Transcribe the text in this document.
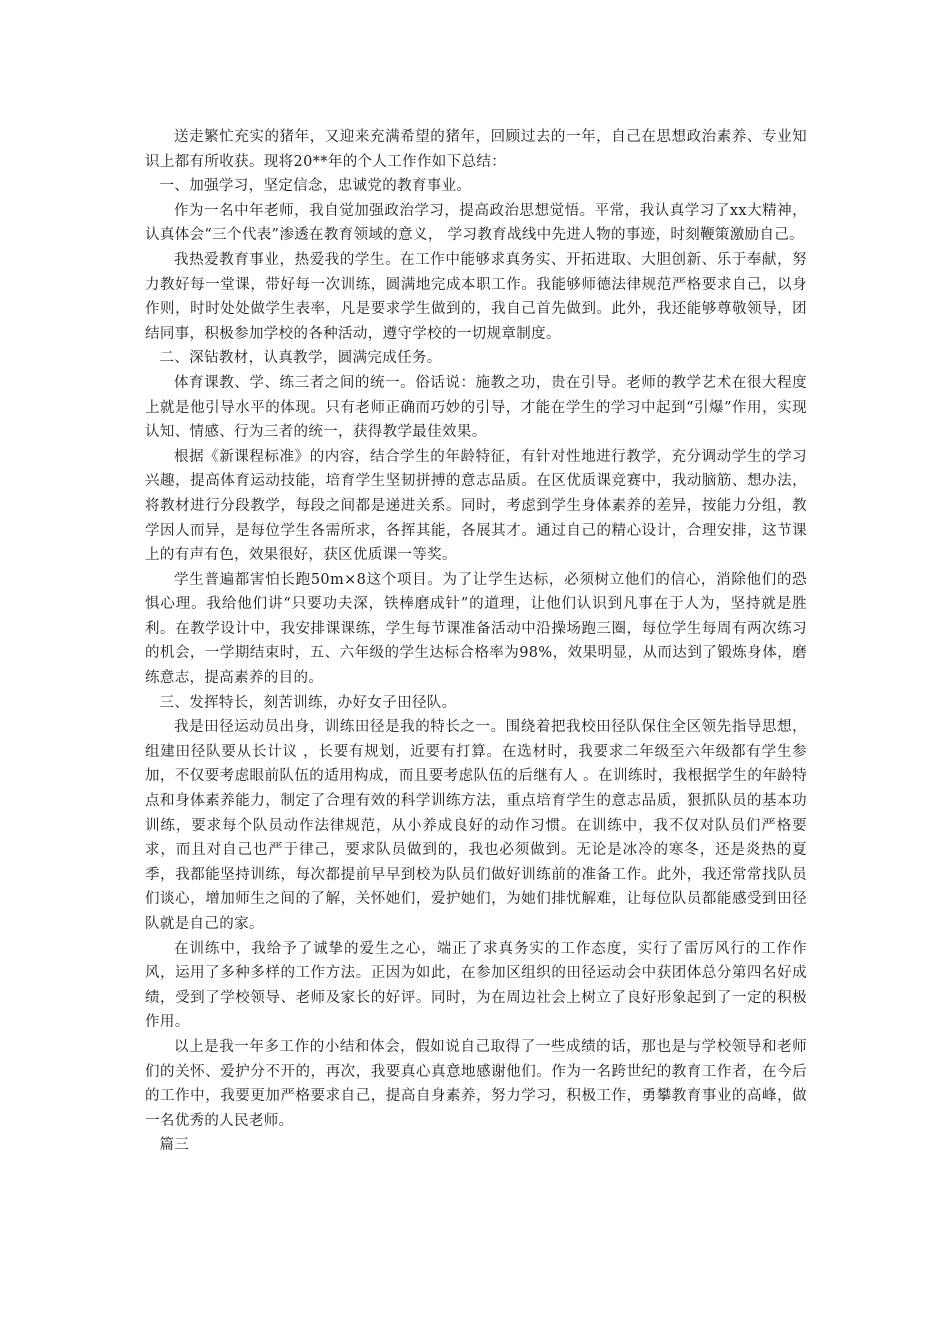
送走繁忙充实的猪年，又迎来充满希望的猪年，回顾过去的一年，自己在思想政治素养、专业知识上都有所收获。现将20**年的个人工作作如下总结：

一、加强学习，坚定信念，忠诚党的教育事业。

作为一名中年老师，我自觉加强政治学习，提高政治思想觉悟。平常，我认真学习了xx大精神，认真体会“三个代表”渗透在教育领域的意义， 学习教育战线中先进人物的事迹，时刻鞭策激励自己。

我热爱教育事业，热爱我的学生。在工作中能够求真务实、开拓进取、大胆创新、乐于奉献，努力教好每一堂课，带好每一次训练，圆满地完成本职工作。我能够师德法律规范严格要求自己，以身作则，时时处处做学生表率，凡是要求学生做到的，我自己首先做到。此外，我还能够尊敬领导，团结同事，积极参加学校的各种活动，遵守学校的一切规章制度。

二、深钻教材，认真教学，圆满完成任务。

体育课教、学、练三者之间的统一。俗话说：施教之功，贵在引导。老师的教学艺术在很大程度上就是他引导水平的体现。只有老师正确而巧妙的引导，才能在学生的学习中起到“引爆”作用，实现认知、情感、行为三者的统一，获得教学最佳效果。

根据《新课程标准》的内容，结合学生的年龄特征，有针对性地进行教学，充分调动学生的学习兴趣，提高体育运动技能，培育学生坚韧拼搏的意志品质。在区优质课竞赛中，我动脑筋、想办法，将教材进行分段教学，每段之间都是递进关系。同时，考虑到学生身体素养的差异，按能力分组，教学因人而异，是每位学生各需所求，各挥其能，各展其才。通过自己的精心设计，合理安排，这节课上的有声有色，效果很好，获区优质课一等奖。

学生普遍都害怕长跑50m×8这个项目。为了让学生达标，必须树立他们的信心，消除他们的恐惧心理。我给他们讲“只要功夫深，铁棒磨成针”的道理，让他们认识到凡事在于人为，坚持就是胜利。在教学设计中，我安排课课练，学生每节课准备活动中沿操场跑三圈，每位学生每周有两次练习的机会，一学期结束时，五、六年级的学生达标合格率为98%，效果明显，从而达到了锻炼身体，磨练意志，提高素养的目的。

三、发挥特长，刻苦训练，办好女子田径队。

我是田径运动员出身，训练田径是我的特长之一。围绕着把我校田径队保住全区领先指导思想，组建田径队要从长计议 ，长要有规划，近要有打算。在选材时，我要求二年级至六年级都有学生参加，不仅要考虑眼前队伍的适用构成，而且要考虑队伍的后继有人 。在训练时，我根据学生的年龄特点和身体素养能力，制定了合理有效的科学训练方法，重点培育学生的意志品质，狠抓队员的基本功训练，要求每个队员动作法律规范，从小养成良好的动作习惯。在训练中，我不仅对队员们严格要求，而且对自己也严于律己，要求队员做到的，我也必须做到。无论是冰冷的寒冬，还是炎热的夏季，我都能坚持训练，每次都提前早早到校为队员们做好训练前的准备工作。此外，我还常常找队员们谈心，增加师生之间的了解，关怀她们，爱护她们，为她们排忧解难，让每位队员都能感受到田径队就是自己的家。

在训练中，我给予了诚挚的爱生之心，端正了求真务实的工作态度，实行了雷厉风行的工作作风，运用了多种多样的工作方法。正因为如此，在参加区组织的田径运动会中获团体总分第四名好成绩，受到了学校领导、老师及家长的好评。同时，为在周边社会上树立了良好形象起到了一定的积极作用。

以上是我一年多工作的小结和体会，假如说自己取得了一些成绩的话，那也是与学校领导和老师们的关怀、爱护分不开的，再次，我要真心真意地感谢他们。作为一名跨世纪的教育工作者，在今后的工作中，我要更加严格要求自己，提高自身素养，努力学习，积极工作，勇攀教育事业的高峰，做一名优秀的人民老师。

篇三
